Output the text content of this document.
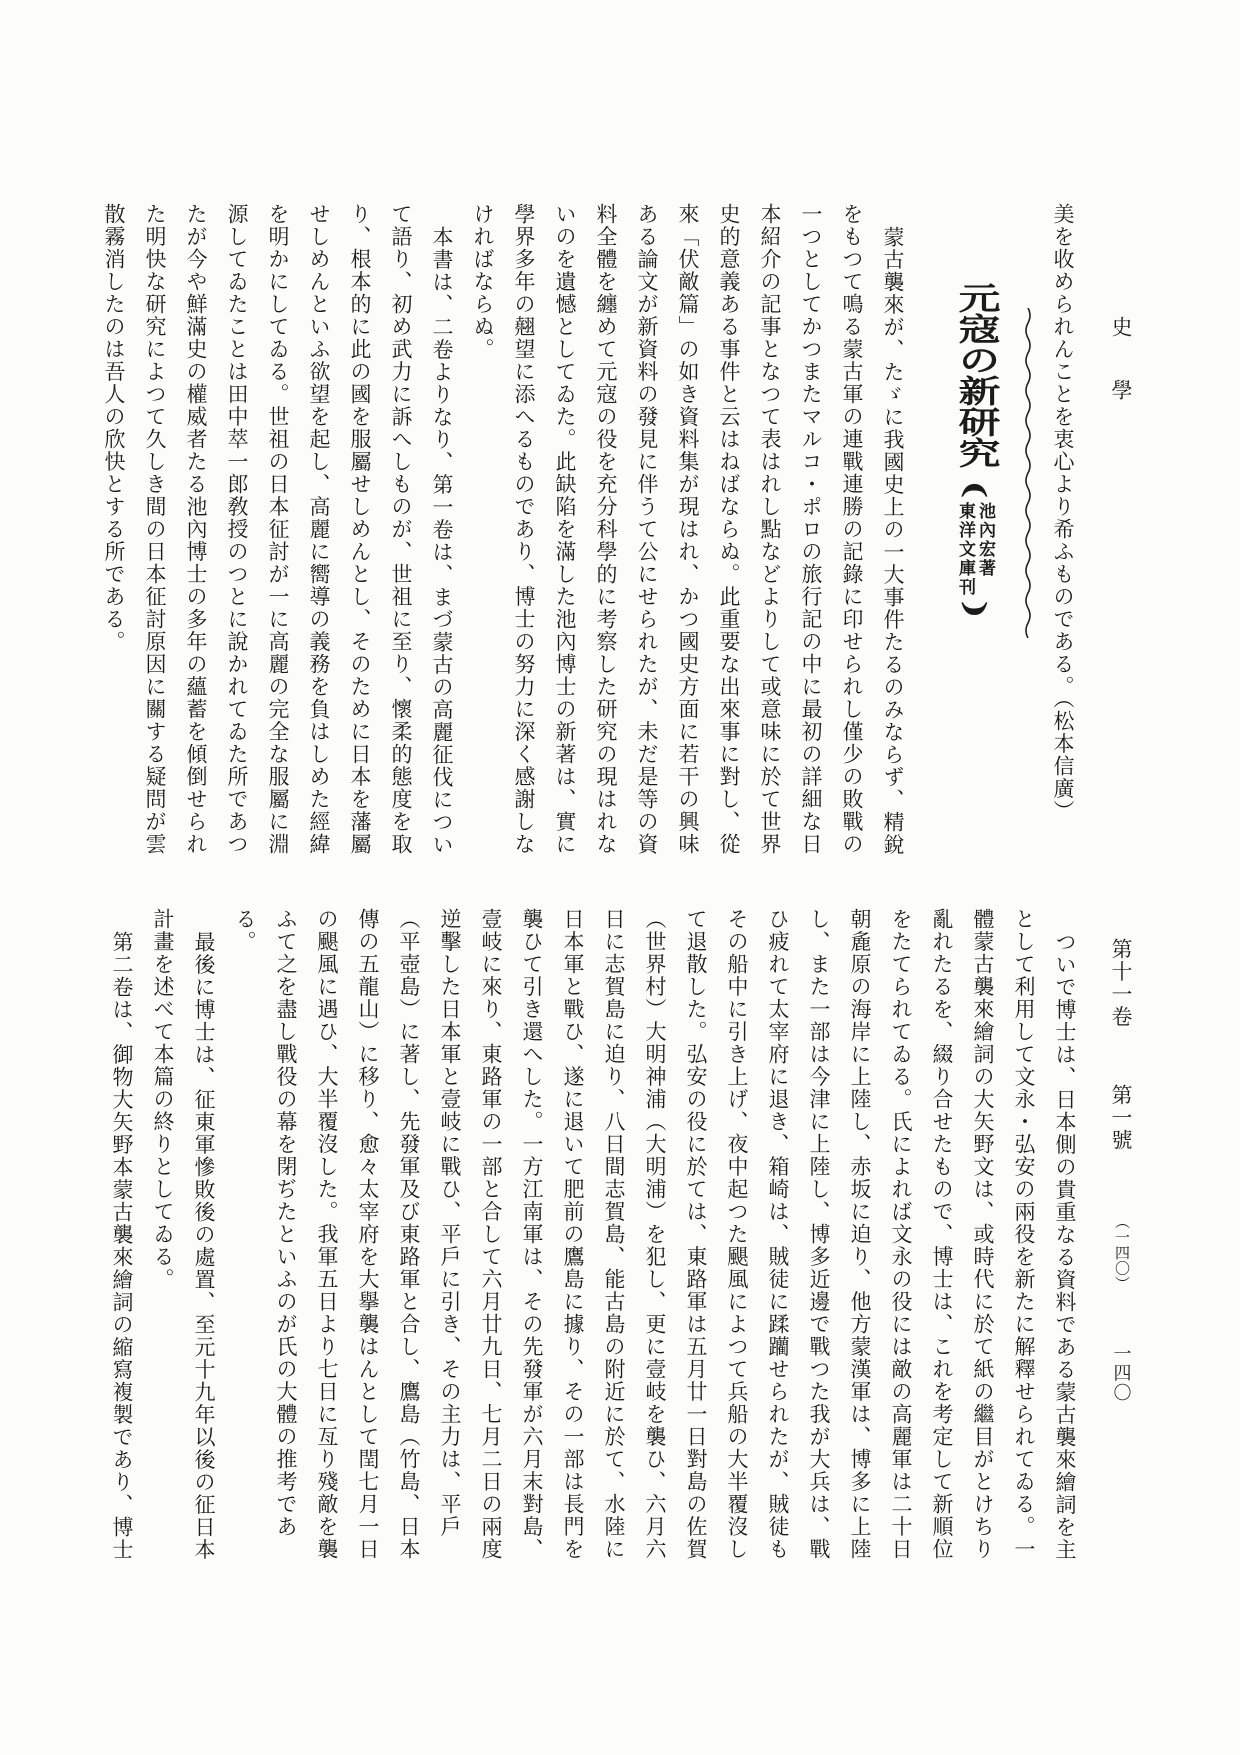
史學
美を收められんことを衷心より希ふものである。（松本信廣）
元寇の新研究
(
池內宏著
東洋文庫刊
)
蒙古襲來が、たゞに我國史上の一大事件たるのみならず、精銳
をもつて鳴る蒙古軍の連戰連勝の記錄に印せられし僅少の敗戰の
一つとしてかつまたマルコ・ポロの旅行記の中に最初の詳細な日
本紹介の記事となつて表はれし點などよりして或意味に於て世界
史的意義ある事件と云はねばならぬ。此重要な出來事に對し、從
來「伏敵篇」の如き資料集が現はれ、かつ國史方面に若干の興味
ある論文が新資料の發見に伴うて公にせられたが、未だ是等の資
料全體を纏めて元寇の役を充分科學的に考察した研究の現はれな
いのを遺憾としてゐた。此缺陷を滿した池內博士の新著は、實に
學界多年の翹望に添へるものであり、博士の努力に深く感謝しな
ければならぬ。
本書は、二卷よりなり、第一卷は、まづ蒙古の高麗征伐につい
て語り、初め武力に訴へしものが、世祖に至り、懷柔的態度を取
り、根本的に此の國を服屬せしめんとし、そのために日本を藩屬
せしめんといふ欲望を起し、高麗に嚮導の義務を負はしめた經緯
を明かにしてゐる。世祖の日本征討が一に高麗の完全な服屬に淵
源してゐたことは田中萃一郎敎授のつとに說かれてゐた所であつ
たが今や鮮滿史の權威者たる池內博士の多年の蘊蓄を傾倒せられ
た明快な研究によつて久しき間の日本征討原因に關する疑問が雲
散霧消したのは吾人の欣快とする所である。
第十一卷
第一號
（一四〇）
一四〇
ついで博士は、日本側の貴重なる資料である蒙古襲來繪詞を主
として利用して文永・弘安の兩役を新たに解釋せられてゐる。一
體蒙古襲來繪詞の大矢野文は、或時代に於て紙の繼目がとけちり
亂れたるを、綴り合せたもので、博士は、これを考定して新順位
をたてられてゐる。氏によれば文永の役には敵の高麗軍は二十日
朝麁原の海岸に上陸し、赤坂に迫り、他方蒙漢軍は、博多に上陸
し、また一部は今津に上陸し、博多近邊で戰つた我が大兵は、戰
ひ疲れて太宰府に退き、箱崎は、賊徒に蹂躪せられたが、賊徒も
その船中に引き上げ、夜中起つた颶風によつて兵船の大半覆沒し
て退散した。弘安の役に於ては、東路軍は五月廿一日對島の佐賀
（世界村）大明神浦（大明浦）を犯し、更に壹岐を襲ひ、六月六
日に志賀島に迫り、八日間志賀島、能古島の附近に於て、水陸に
日本軍と戰ひ、遂に退いて肥前の鷹島に據り、その一部は長門を
襲ひて引き還へした。一方江南軍は、その先發軍が六月末對島、
壹岐に來り、東路軍の一部と合して六月廿九日、七月二日の兩度
逆擊した日本軍と壹岐に戰ひ、平戶に引き、その主力は、平戶
（平壺島）に著し、先發軍及び東路軍と合し、鷹島（竹島、日本
傳の五龍山）に移り、愈々太宰府を大擧襲はんとして閏七月一日
の颶風に遇ひ、大半覆沒した。我軍五日より七日に亙り殘敵を襲
ふて之を盡し戰役の幕を閉ぢたといふのが氏の大體の推考であ
る。
最後に博士は、征東軍慘敗後の處置、至元十九年以後の征日本
計畫を述べて本篇の終りとしてゐる。
第二卷は、御物大矢野本蒙古襲來繪詞の縮寫複製であり、博士
